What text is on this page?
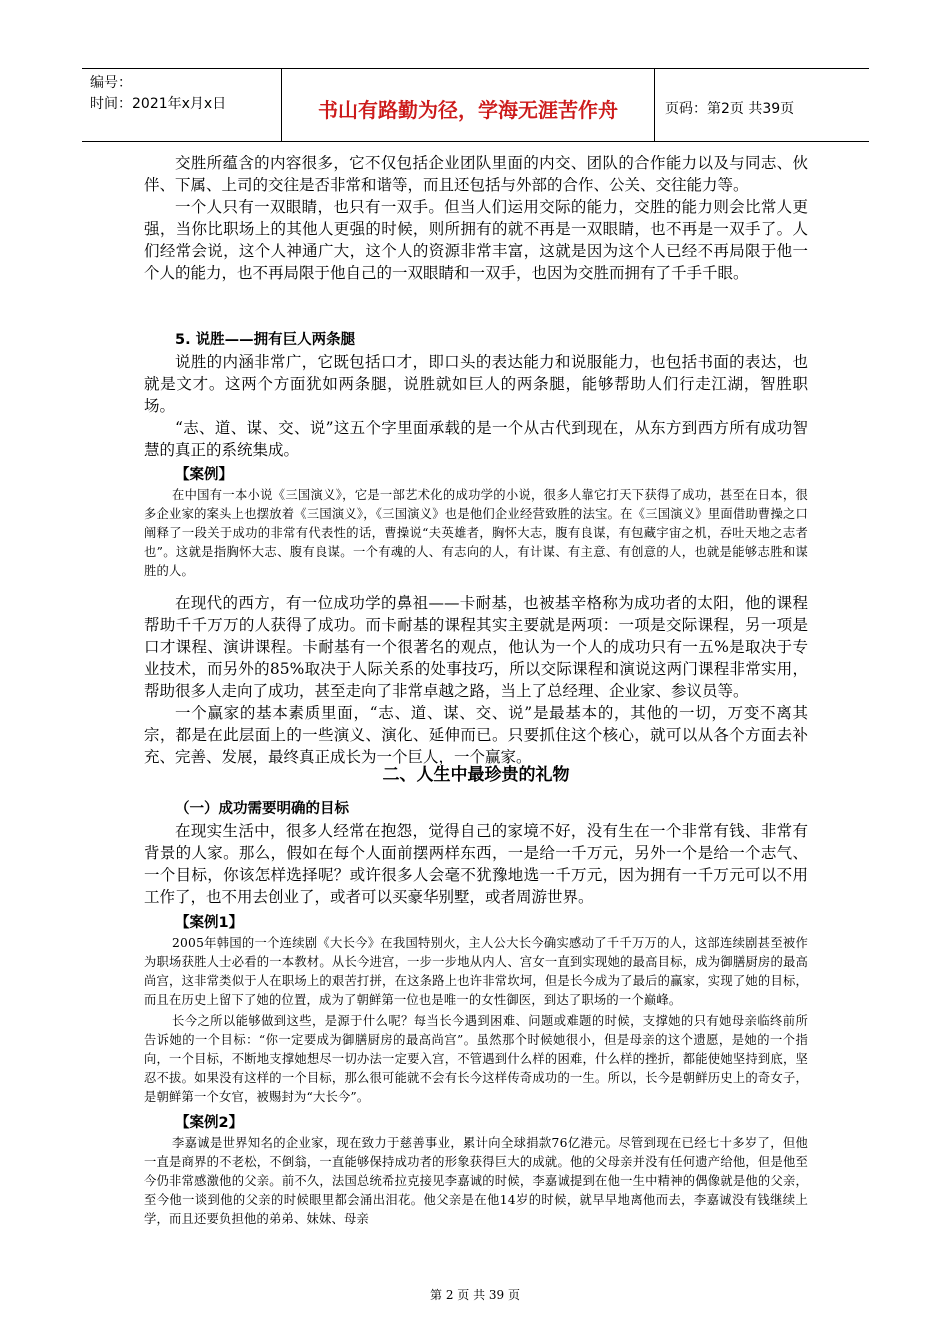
编号：
时间：2021年x月x日	书山有路勤为径，学海无涯苦作舟	页码：第2页 共39页

交胜所蕴含的内容很多，它不仅包括企业团队里面的内交、团队的合作能力以及与同志、伙伴、下属、上司的交往是否非常和谐等，而且还包括与外部的合作、公关、交往能力等。

一个人只有一双眼睛，也只有一双手。但当人们运用交际的能力，交胜的能力则会比常人更强，当你比职场上的其他人更强的时候，则所拥有的就不再是一双眼睛，也不再是一双手了。人们经常会说，这个人神通广大，这个人的资源非常丰富，这就是因为这个人已经不再局限于他一个人的能力，也不再局限于他自己的一双眼睛和一双手，也因为交胜而拥有了千手千眼。

5. 说胜——拥有巨人两条腿

说胜的内涵非常广，它既包括口才，即口头的表达能力和说服能力，也包括书面的表达，也就是文才。这两个方面犹如两条腿，说胜就如巨人的两条腿，能够帮助人们行走江湖，智胜职场。

“志、道、谋、交、说”这五个字里面承载的是一个从古代到现在，从东方到西方所有成功智慧的真正的系统集成。

【案例】

在中国有一本小说《三国演义》，它是一部艺术化的成功学的小说，很多人靠它打天下获得了成功，甚至在日本，很多企业家的案头上也摆放着《三国演义》，《三国演义》也是他们企业经营致胜的法宝。在《三国演义》里面借助曹操之口阐释了一段关于成功的非常有代表性的话，曹操说“夫英雄者，胸怀大志，腹有良谋，有包藏宇宙之机，吞吐天地之志者也”。这就是指胸怀大志、腹有良谋。一个有魂的人、有志向的人，有计谋、有主意、有创意的人，也就是能够志胜和谋胜的人。

在现代的西方，有一位成功学的鼻祖——卡耐基，也被基辛格称为成功者的太阳，他的课程帮助千千万万的人获得了成功。而卡耐基的课程其实主要就是两项：一项是交际课程，另一项是口才课程、演讲课程。卡耐基有一个很著名的观点，他认为一个人的成功只有一五%是取决于专业技术，而另外的85%取决于人际关系的处事技巧，所以交际课程和演说这两门课程非常实用，帮助很多人走向了成功，甚至走向了非常卓越之路，当上了总经理、企业家、参议员等。

一个赢家的基本素质里面，“志、道、谋、交、说”是最基本的，其他的一切，万变不离其宗，都是在此层面上的一些演义、演化、延伸而已。只要抓住这个核心，就可以从各个方面去补充、完善、发展，最终真正成长为一个巨人，一个赢家。

二、人生中最珍贵的礼物

（一）成功需要明确的目标

在现实生活中，很多人经常在抱怨，觉得自己的家境不好，没有生在一个非常有钱、非常有背景的人家。那么，假如在每个人面前摆两样东西，一是给一千万元，另外一个是给一个志气、一个目标，你该怎样选择呢？或许很多人会毫不犹豫地选一千万元，因为拥有一千万元可以不用工作了，也不用去创业了，或者可以买豪华别墅，或者周游世界。

【案例1】

2005年韩国的一个连续剧《大长今》在我国特别火，主人公大长今确实感动了千千万万的人，这部连续剧甚至被作为职场获胜人士必看的一本教材。从长今进宫，一步一步地从内人、宫女一直到实现她的最高目标，成为御膳厨房的最高尚宫，这非常类似于人在职场上的艰苦打拼，在这条路上也许非常坎坷，但是长今成为了最后的赢家，实现了她的目标，而且在历史上留下了她的位置，成为了朝鲜第一位也是唯一的女性御医，到达了职场的一个巅峰。

长今之所以能够做到这些，是源于什么呢？每当长今遇到困难、问题或难题的时候，支撑她的只有她母亲临终前所告诉她的一个目标：“你一定要成为御膳厨房的最高尚宫”。虽然那个时候她很小，但是母亲的这个遗愿，是她的一个指向，一个目标，不断地支撑她想尽一切办法一定要入宫，不管遇到什么样的困难，什么样的挫折，都能使她坚持到底，坚忍不拔。如果没有这样的一个目标，那么很可能就不会有长今这样传奇成功的一生。所以，长今是朝鲜历史上的奇女子，是朝鲜第一个女官，被赐封为“大长今”。

【案例2】

李嘉诚是世界知名的企业家，现在致力于慈善事业，累计向全球捐款76亿港元。尽管到现在已经七十多岁了，但他一直是商界的不老松，不倒翁，一直能够保持成功者的形象获得巨大的成就。他的父母亲并没有任何遗产给他，但是他至今仍非常感激他的父亲。前不久，法国总统希拉克接见李嘉诚的时候，李嘉诚提到在他一生中精神的偶像就是他的父亲，至今他一谈到他的父亲的时候眼里都会涌出泪花。他父亲是在他14岁的时候，就早早地离他而去，李嘉诚没有钱继续上学，而且还要负担他的弟弟、妹妹、母亲

第 2 页 共 39 页
